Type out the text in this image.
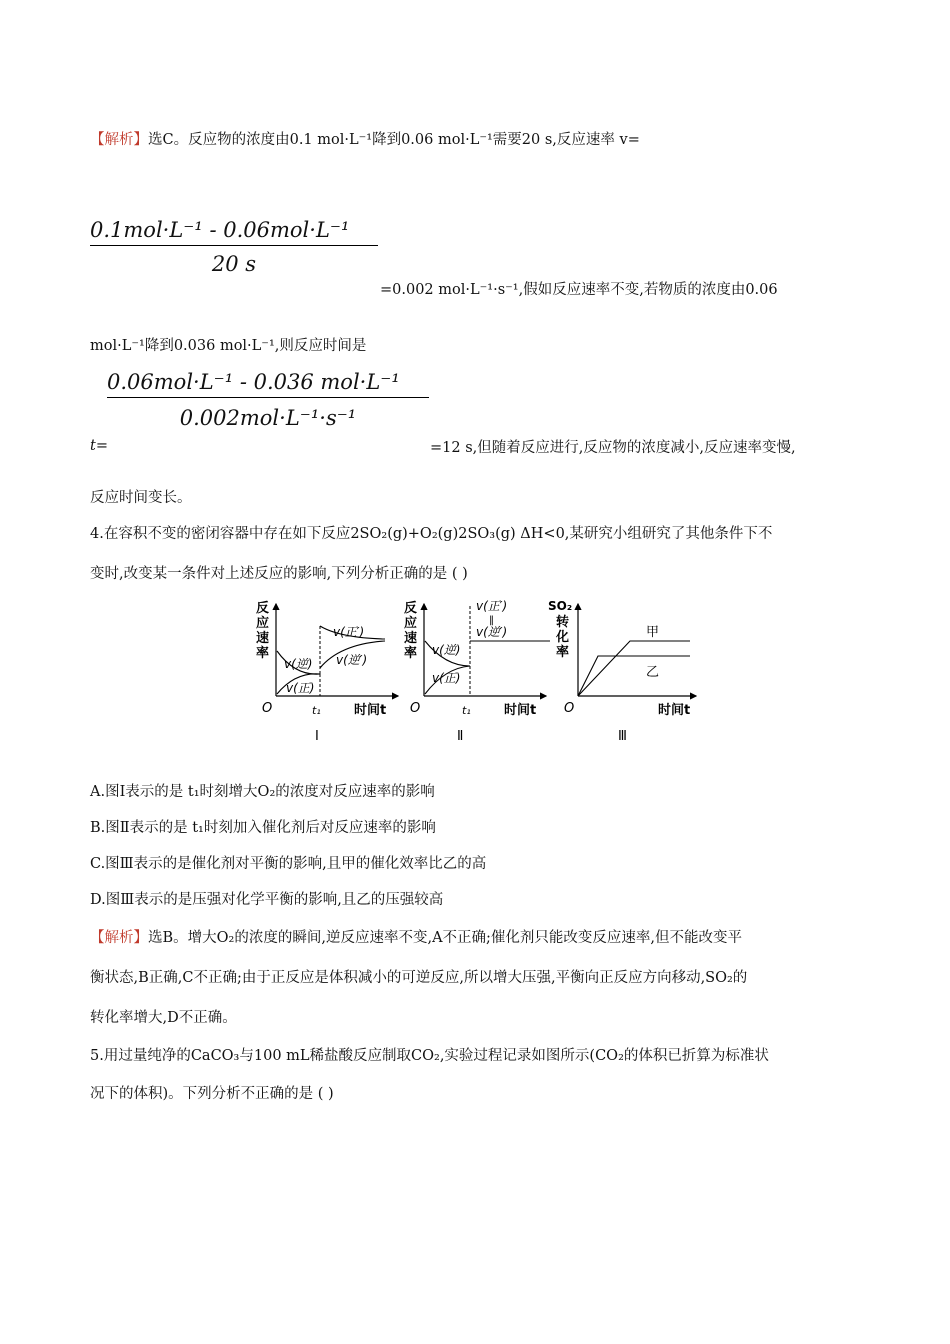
【解析】选C。反应物的浓度由0.1 mol·L⁻¹降到0.06 mol·L⁻¹需要20 s,反应速率 v=
0.1mol·L⁻¹ - 0.06mol·L⁻¹
20 s
=0.002 mol·L⁻¹·s⁻¹,假如反应速率不变,若物质的浓度由0.06
mol·L⁻¹降到0.036 mol·L⁻¹,则反应时间是
0.06mol·L⁻¹ - 0.036 mol·L⁻¹
0.002mol·L⁻¹·s⁻¹
t=	=12 s,但随着反应进行,反应物的浓度减小,反应速率变慢,
反应时间变长。
4.在容积不变的密闭容器中存在如下反应2SO₂(g)+O₂(g)2SO₃(g) ΔH<0,某研究小组研究了其他条件下不
变时,改变某一条件对上述反应的影响,下列分析正确的是 ( )
反
应
速
率
v(正′)
v(逆′)
v(逆)
v(正)
O	t₁	时间t
Ⅰ
反
应
速
率
v(正′)
‖
v(逆′)
v(逆)
v(正)
O	t₁	时间t
Ⅱ
SO₂
转
化
率
甲
乙
O	时间t
Ⅲ
A.图Ⅰ表示的是 t₁时刻增大O₂的浓度对反应速率的影响
B.图Ⅱ表示的是 t₁时刻加入催化剂后对反应速率的影响
C.图Ⅲ表示的是催化剂对平衡的影响,且甲的催化效率比乙的高
D.图Ⅲ表示的是压强对化学平衡的影响,且乙的压强较高
【解析】选B。增大O₂的浓度的瞬间,逆反应速率不变,A不正确;催化剂只能改变反应速率,但不能改变平
衡状态,B正确,C不正确;由于正反应是体积减小的可逆反应,所以增大压强,平衡向正反应方向移动,SO₂的
转化率增大,D不正确。
5.用过量纯净的CaCO₃与100 mL稀盐酸反应制取CO₂,实验过程记录如图所示(CO₂的体积已折算为标准状
况下的体积)。下列分析不正确的是 ( )
